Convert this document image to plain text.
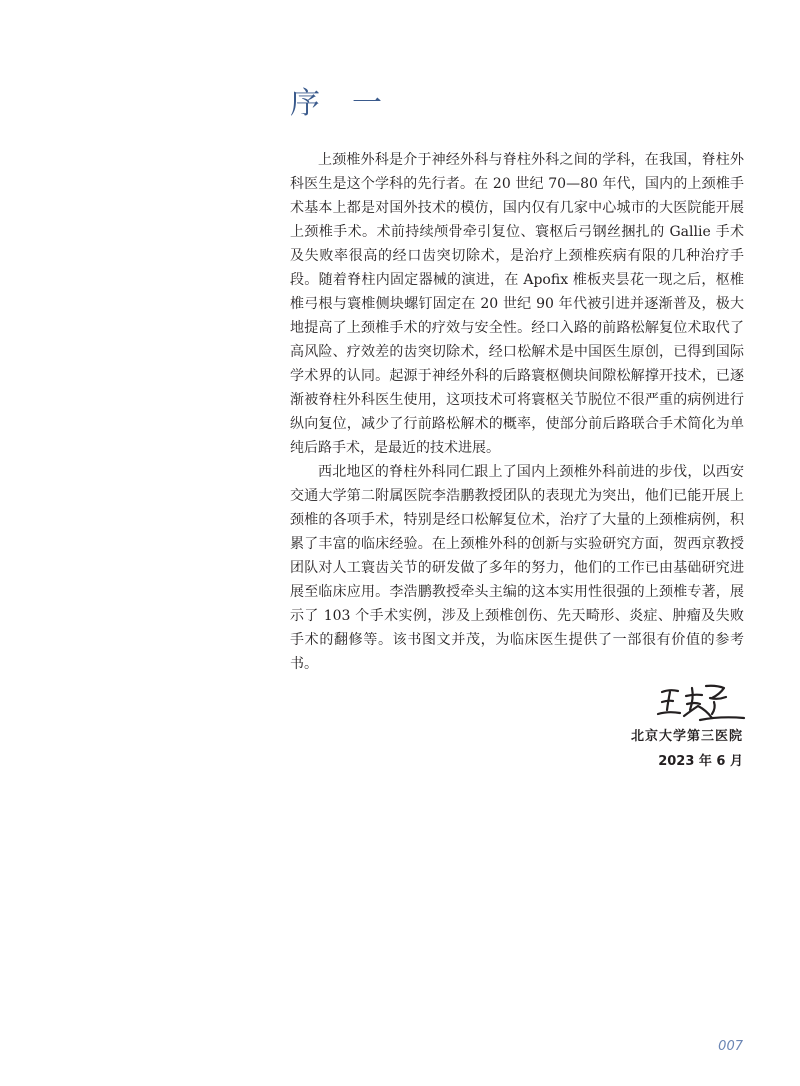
序 一

上颈椎外科是介于神经外科与脊柱外科之间的学科，在我国，脊柱外科医生是这个学科的先行者。在 20 世纪 70—80 年代，国内的上颈椎手术基本上都是对国外技术的模仿，国内仅有几家中心城市的大医院能开展上颈椎手术。术前持续颅骨牵引复位、寰枢后弓钢丝捆扎的 Gallie 手术及失败率很高的经口齿突切除术，是治疗上颈椎疾病有限的几种治疗手段。随着脊柱内固定器械的演进，在 Apofix 椎板夹昙花一现之后，枢椎椎弓根与寰椎侧块螺钉固定在 20 世纪 90 年代被引进并逐渐普及，极大地提高了上颈椎手术的疗效与安全性。经口入路的前路松解复位术取代了高风险、疗效差的齿突切除术，经口松解术是中国医生原创，已得到国际学术界的认同。起源于神经外科的后路寰枢侧块间隙松解撑开技术，已逐渐被脊柱外科医生使用，这项技术可将寰枢关节脱位不很严重的病例进行纵向复位，减少了行前路松解术的概率，使部分前后路联合手术简化为单纯后路手术，是最近的技术进展。

西北地区的脊柱外科同仁跟上了国内上颈椎外科前进的步伐，以西安交通大学第二附属医院李浩鹏教授团队的表现尤为突出，他们已能开展上颈椎的各项手术，特别是经口松解复位术，治疗了大量的上颈椎病例，积累了丰富的临床经验。在上颈椎外科的创新与实验研究方面，贺西京教授团队对人工寰齿关节的研发做了多年的努力，他们的工作已由基础研究进展至临床应用。李浩鹏教授牵头主编的这本实用性很强的上颈椎专著，展示了 103 个手术实例，涉及上颈椎创伤、先天畸形、炎症、肿瘤及失败手术的翻修等。该书图文并茂，为临床医生提供了一部很有价值的参考书。

北京大学第三医院
2023 年 6 月
007
